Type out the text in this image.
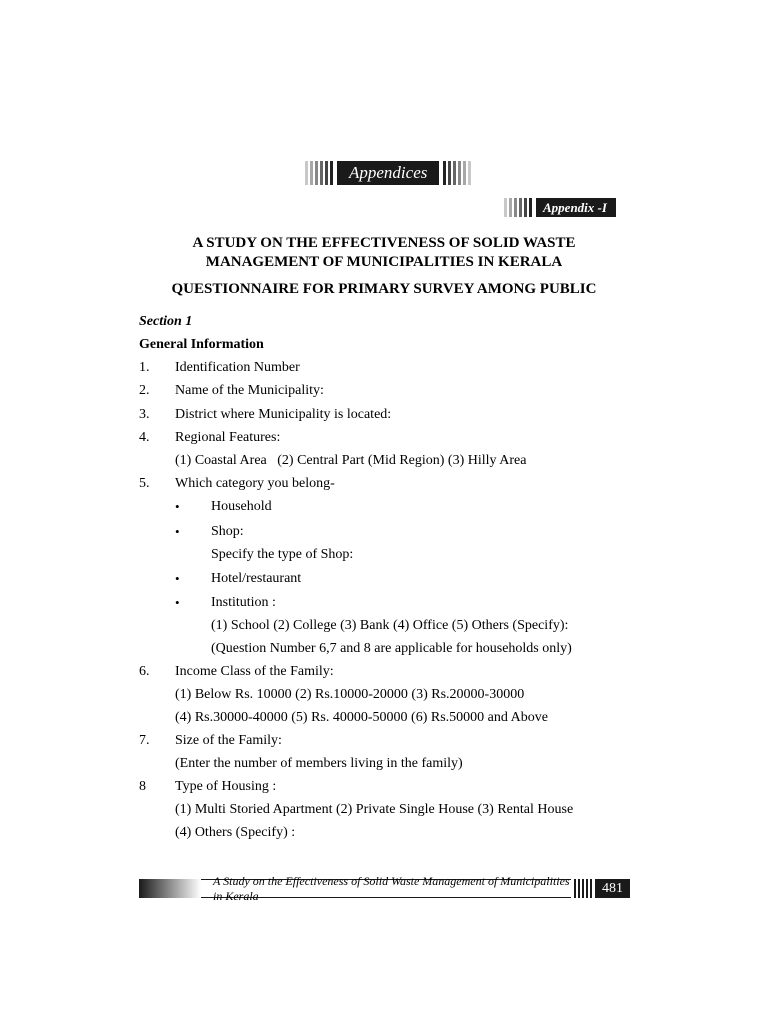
Appendices
Appendix -I
A STUDY ON THE EFFECTIVENESS OF SOLID WASTE
MANAGEMENT OF MUNICIPALITIES IN KERALA
QUESTIONNAIRE FOR PRIMARY SURVEY AMONG PUBLIC
Section 1
General Information
1. Identification Number
2. Name of the Municipality:
3. District where Municipality is located:
4. Regional Features:
(1) Coastal Area   (2) Central Part (Mid Region) (3) Hilly Area
5. Which category you belong-
• Household
• Shop:
Specify the type of Shop:
• Hotel/restaurant
• Institution :
(1) School (2) College (3) Bank (4) Office (5) Others (Specify):
(Question Number 6,7 and 8 are applicable for households only)
6. Income Class of the Family:
(1) Below Rs. 10000 (2) Rs.10000-20000 (3) Rs.20000-30000
(4) Rs.30000-40000 (5) Rs. 40000-50000 (6) Rs.50000 and Above
7. Size of the Family:
(Enter the number of members living in the family)
8 Type of Housing :
(1) Multi Storied Apartment (2) Private Single House (3) Rental House
(4) Others (Specify) :
A Study on the Effectiveness of Solid Waste Management of Municipalities in Kerala	481
